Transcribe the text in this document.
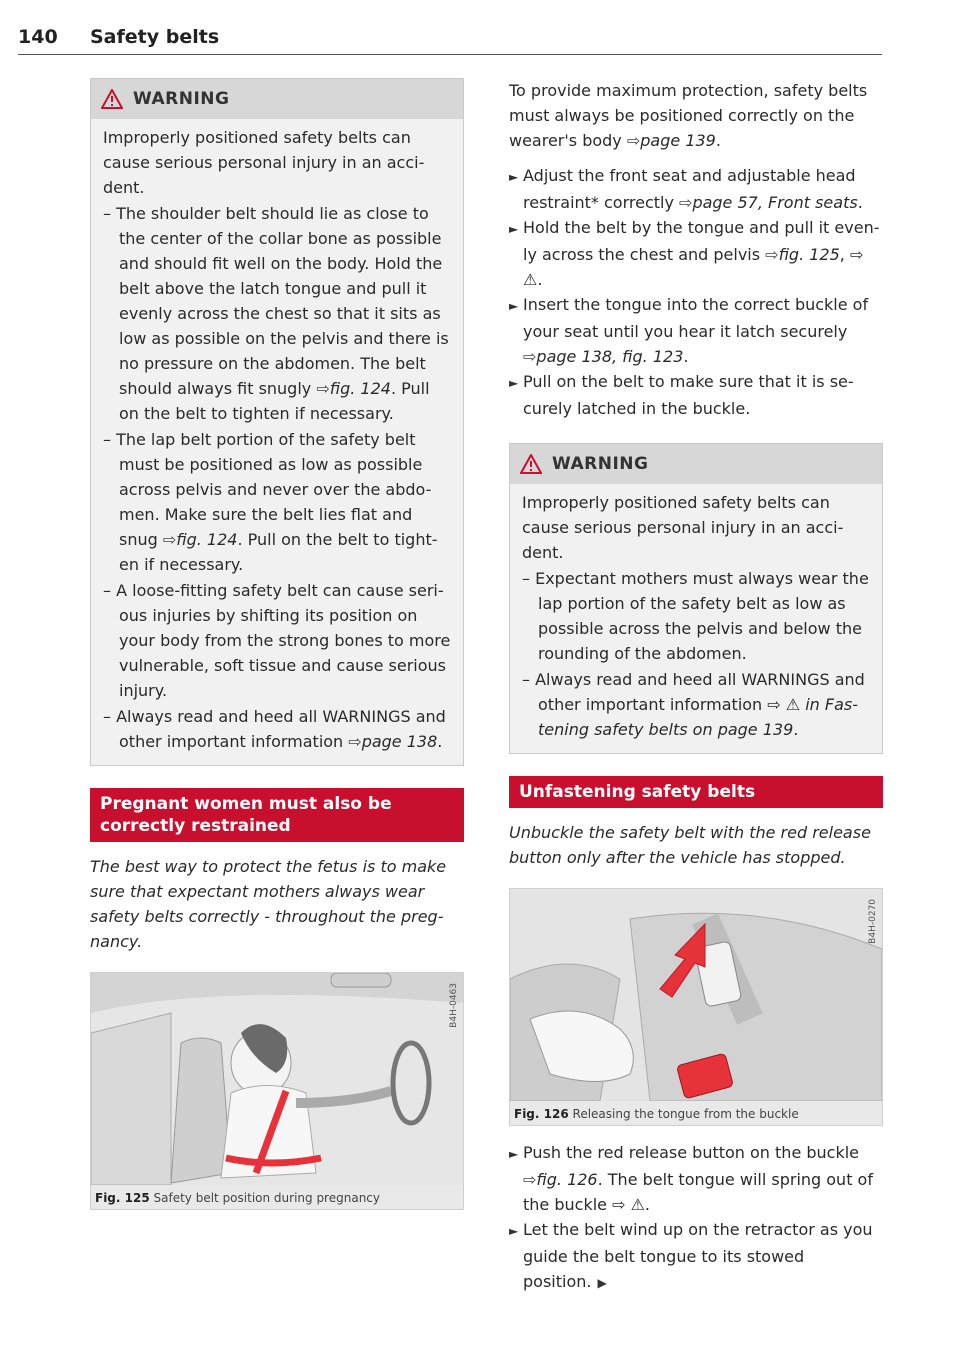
140 Safety belts
WARNING

Improperly positioned safety belts can cause serious personal injury in an acci-dent.

– The shoulder belt should lie as close to the center of the collar bone as possible and should fit well on the body. Hold the belt above the latch tongue and pull it evenly across the chest so that it sits as low as possible on the pelvis and there is no pressure on the abdomen. The belt should always fit snugly ⇨fig. 124. Pull on the belt to tighten if necessary.

– The lap belt portion of the safety belt must be positioned as low as possible across pelvis and never over the abdo-men. Make sure the belt lies flat and snug ⇨fig. 124. Pull on the belt to tight-en if necessary.

– A loose-fitting safety belt can cause seri-ous injuries by shifting its position on your body from the strong bones to more vulnerable, soft tissue and cause serious injury.

– Always read and heed all WARNINGS and other important information ⇨page 138.

Pregnant women must also be correctly restrained

The best way to protect the fetus is to make sure that expectant mothers always wear safety belts correctly - throughout the preg-nancy.

B4H-0463
Fig. 125 Safety belt position during pregnancy

To provide maximum protection, safety belts must always be positioned correctly on the wearer's body ⇨page 139.

► Adjust the front seat and adjustable head restraint* correctly ⇨page 57, Front seats.

► Hold the belt by the tongue and pull it even-ly across the chest and pelvis ⇨fig. 125, ⇨ ⚠.

► Insert the tongue into the correct buckle of your seat until you hear it latch securely ⇨page 138, fig. 123.

► Pull on the belt to make sure that it is se-curely latched in the buckle.

WARNING

Improperly positioned safety belts can cause serious personal injury in an acci-dent.

– Expectant mothers must always wear the lap portion of the safety belt as low as possible across the pelvis and below the rounding of the abdomen.

– Always read and heed all WARNINGS and other important information ⇨ ⚠ in Fas-tening safety belts on page 139.

Unfastening safety belts

Unbuckle the safety belt with the red release button only after the vehicle has stopped.

B4H-0270
Fig. 126 Releasing the tongue from the buckle

► Push the red release button on the buckle ⇨fig. 126. The belt tongue will spring out of the buckle ⇨ ⚠.

► Let the belt wind up on the retractor as you guide the belt tongue to its stowed position. ▶
